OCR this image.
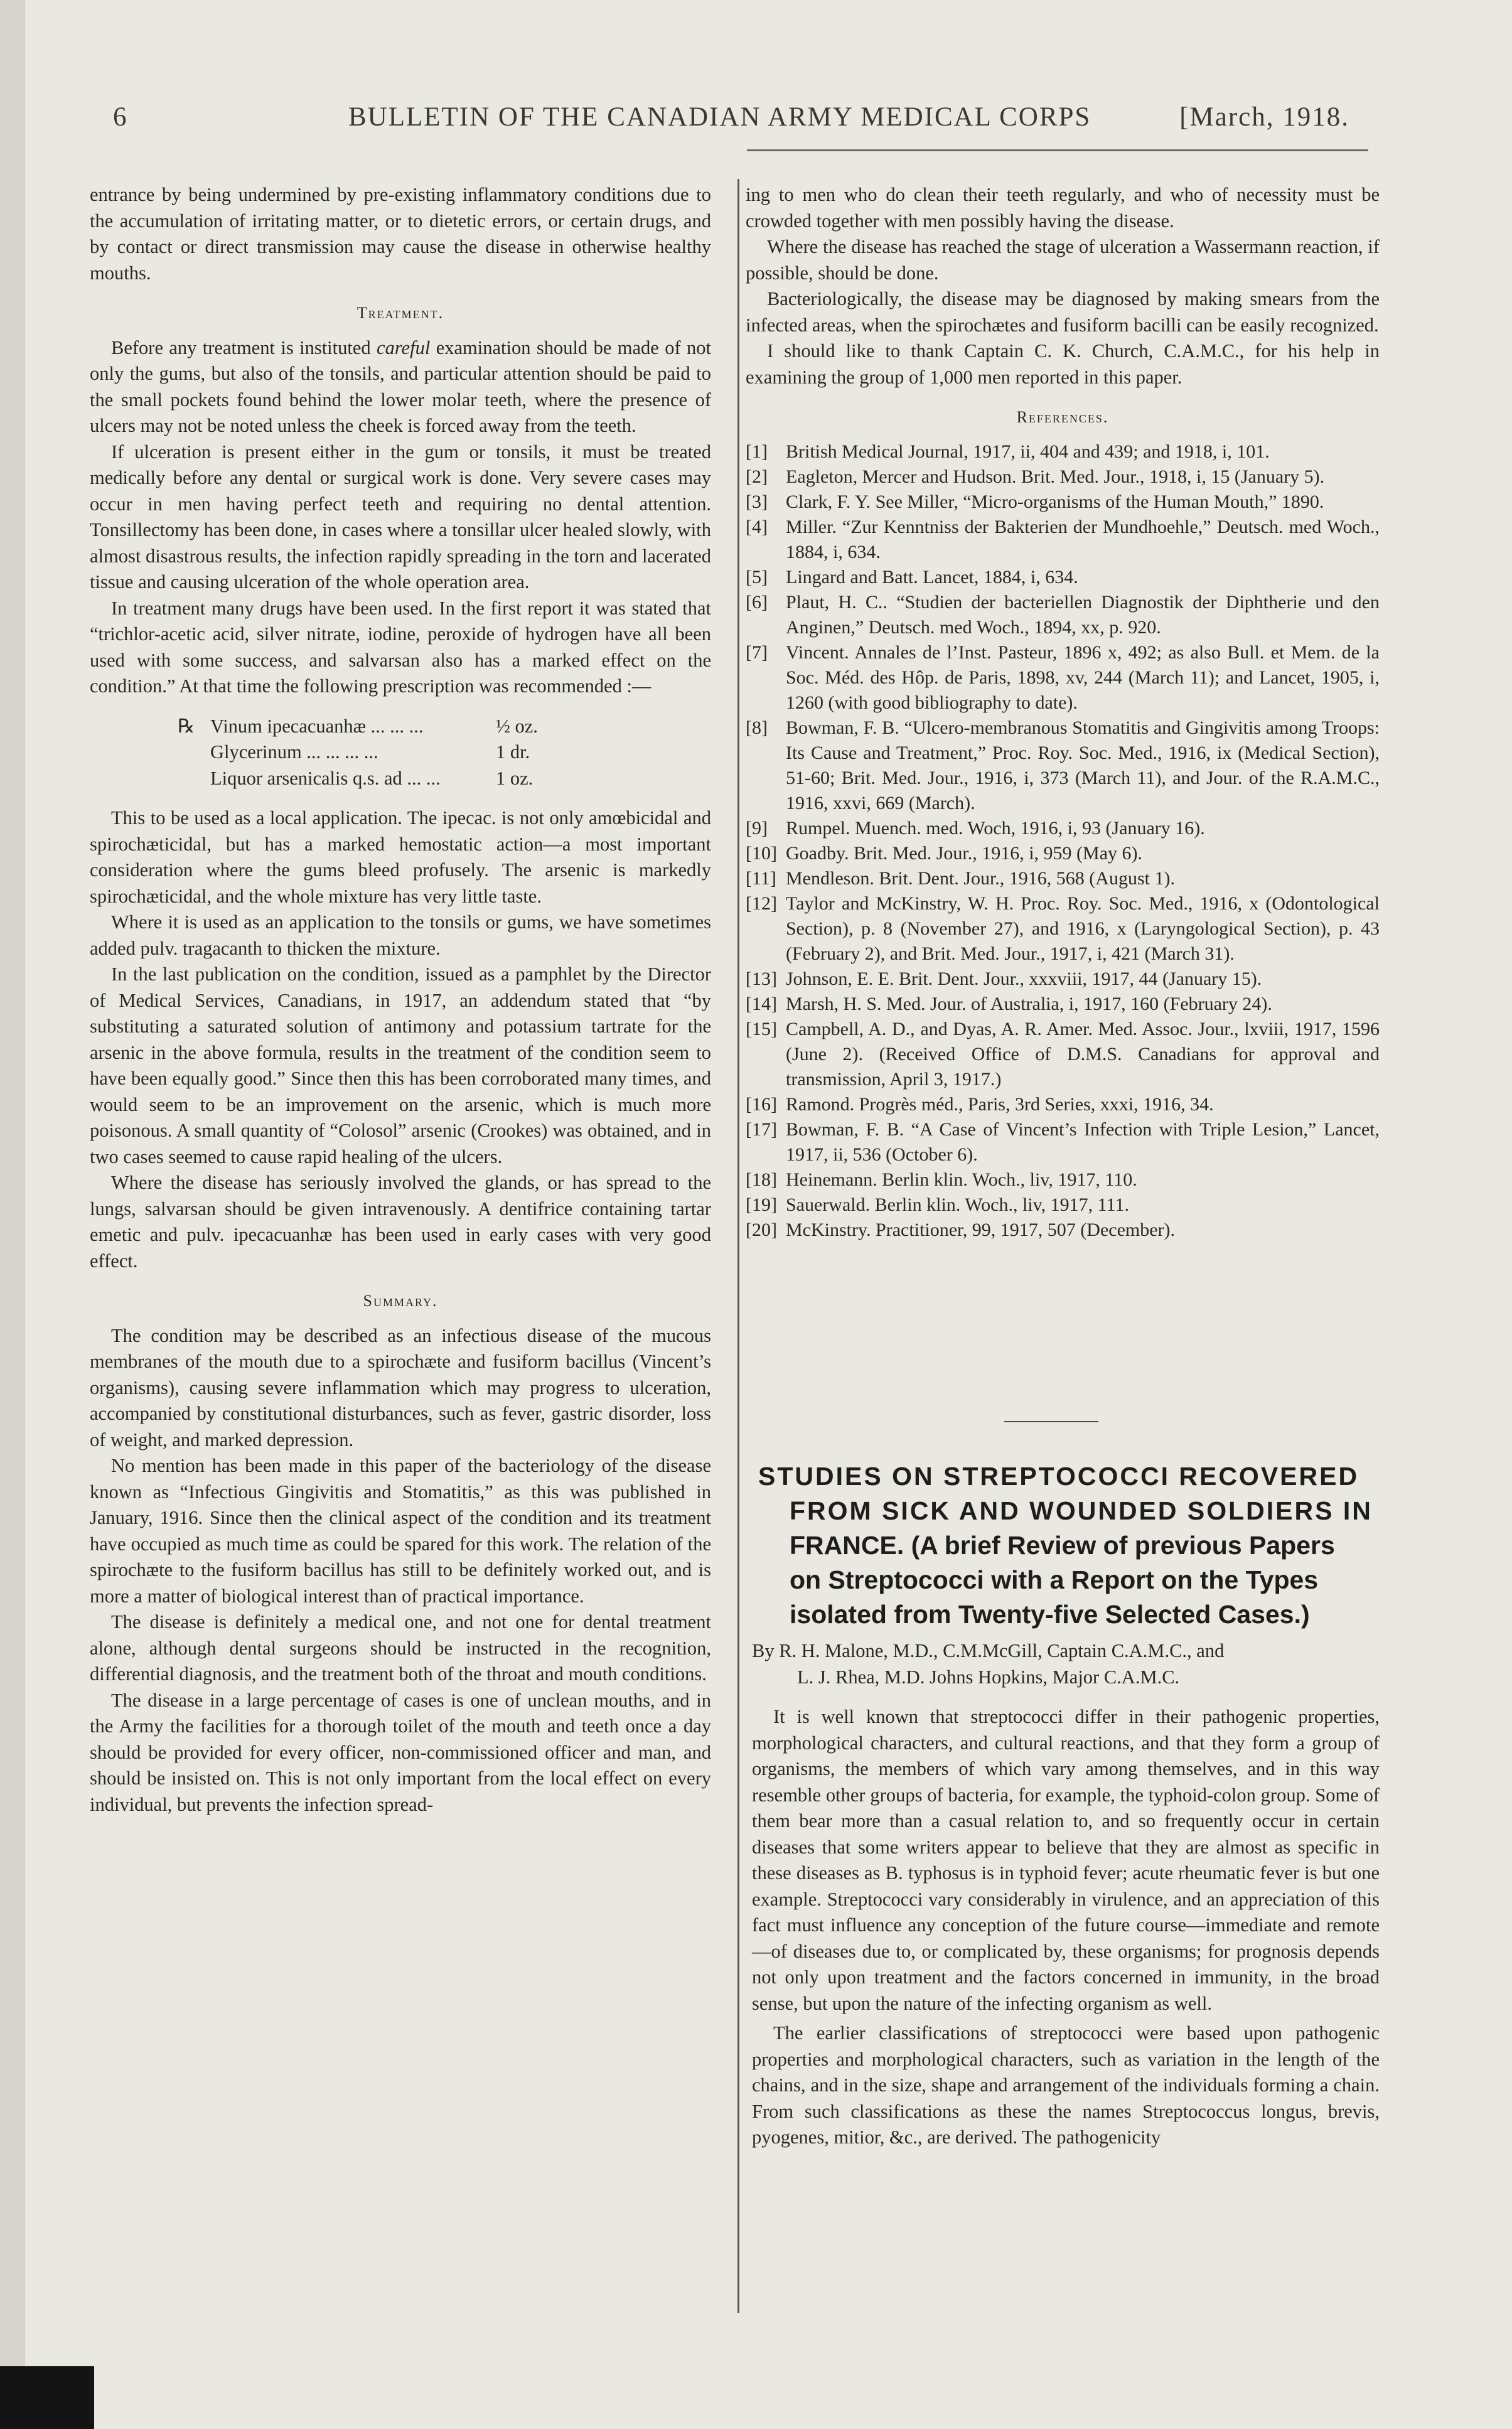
6	BULLETIN OF THE CANADIAN ARMY MEDICAL CORPS	[March, 1918.

entrance by being undermined by pre-existing inflammatory conditions due to the accumulation of irritating matter, or to dietetic errors, or certain drugs, and by contact or direct transmission may cause the disease in otherwise healthy mouths.

Treatment.

Before any treatment is instituted careful examination should be made of not only the gums, but also of the tonsils, and particular attention should be paid to the small pockets found behind the lower molar teeth, where the presence of ulcers may not be noted unless the cheek is forced away from the teeth.

If ulceration is present either in the gum or tonsils, it must be treated medically before any dental or surgical work is done. Very severe cases may occur in men having perfect teeth and requiring no dental attention. Tonsillectomy has been done, in cases where a tonsillar ulcer healed slowly, with almost disastrous results, the infection rapidly spreading in the torn and lacerated tissue and causing ulceration of the whole operation area.

In treatment many drugs have been used. In the first report it was stated that “trichlor-acetic acid, silver nitrate, iodine, peroxide of hydrogen have all been used with some success, and salvarsan also has a marked effect on the condition.” At that time the following prescription was recommended :—

℞ Vinum ipecacuanhæ ... ... ...	½ oz.
Glycerinum ... ... ... ...	1 dr.
Liquor arsenicalis q.s. ad ... ...	1 oz.

This to be used as a local application. The ipecac. is not only amœbicidal and spirochæticidal, but has a marked hemostatic action—a most important consideration where the gums bleed profusely. The arsenic is markedly spirochæticidal, and the whole mixture has very little taste.

Where it is used as an application to the tonsils or gums, we have sometimes added pulv. tragacanth to thicken the mixture.

In the last publication on the condition, issued as a pamphlet by the Director of Medical Services, Canadians, in 1917, an addendum stated that “by substituting a saturated solution of antimony and potassium tartrate for the arsenic in the above formula, results in the treatment of the condition seem to have been equally good.” Since then this has been corroborated many times, and would seem to be an improvement on the arsenic, which is much more poisonous. A small quantity of “Colosol” arsenic (Crookes) was obtained, and in two cases seemed to cause rapid healing of the ulcers.

Where the disease has seriously involved the glands, or has spread to the lungs, salvarsan should be given intravenously. A dentifrice containing tartar emetic and pulv. ipecacuanhæ has been used in early cases with very good effect.

Summary.

The condition may be described as an infectious disease of the mucous membranes of the mouth due to a spirochæte and fusiform bacillus (Vincent’s organisms), causing severe inflammation which may progress to ulceration, accompanied by constitutional disturbances, such as fever, gastric disorder, loss of weight, and marked depression.

No mention has been made in this paper of the bacteriology of the disease known as “Infectious Gingivitis and Stomatitis,” as this was published in January, 1916. Since then the clinical aspect of the condition and its treatment have occupied as much time as could be spared for this work. The relation of the spirochæte to the fusiform bacillus has still to be definitely worked out, and is more a matter of biological interest than of practical importance.

The disease is definitely a medical one, and not one for dental treatment alone, although dental surgeons should be instructed in the recognition, differential diagnosis, and the treatment both of the throat and mouth conditions.

The disease in a large percentage of cases is one of unclean mouths, and in the Army the facilities for a thorough toilet of the mouth and teeth once a day should be provided for every officer, non-commissioned officer and man, and should be insisted on. This is not only important from the local effect on every individual, but prevents the infection spread-

ing to men who do clean their teeth regularly, and who of necessity must be crowded together with men possibly having the disease.

Where the disease has reached the stage of ulceration a Wassermann reaction, if possible, should be done.

Bacteriologically, the disease may be diagnosed by making smears from the infected areas, when the spirochætes and fusiform bacilli can be easily recognized.

I should like to thank Captain C. K. Church, C.A.M.C., for his help in examining the group of 1,000 men reported in this paper.

References.
[1] British Medical Journal, 1917, ii, 404 and 439; and 1918, i, 101.
[2] Eagleton, Mercer and Hudson. Brit. Med. Jour., 1918, i, 15 (January 5).
[3] Clark, F. Y. See Miller, “Micro-organisms of the Human Mouth,” 1890.
[4] Miller. “Zur Kenntniss der Bakterien der Mundhoehle,” Deutsch. med Woch., 1884, i, 634.
[5] Lingard and Batt. Lancet, 1884, i, 634.
[6] Plaut, H. C.. “Studien der bacteriellen Diagnostik der Diphtherie und den Anginen,” Deutsch. med Woch., 1894, xx, p. 920.
[7] Vincent. Annales de l’Inst. Pasteur, 1896 x, 492; as also Bull. et Mem. de la Soc. Méd. des Hôp. de Paris, 1898, xv, 244 (March 11); and Lancet, 1905, i, 1260 (with good bibliography to date).
[8] Bowman, F. B. “Ulcero-membranous Stomatitis and Gingivitis among Troops: Its Cause and Treatment,” Proc. Roy. Soc. Med., 1916, ix (Medical Section), 51-60; Brit. Med. Jour., 1916, i, 373 (March 11), and Jour. of the R.A.M.C., 1916, xxvi, 669 (March).
[9] Rumpel. Muench. med. Woch, 1916, i, 93 (January 16).
[10] Goadby. Brit. Med. Jour., 1916, i, 959 (May 6).
[11] Mendleson. Brit. Dent. Jour., 1916, 568 (August 1).
[12] Taylor and McKinstry, W. H. Proc. Roy. Soc. Med., 1916, x (Odontological Section), p. 8 (November 27), and 1916, x (Laryngological Section), p. 43 (February 2), and Brit. Med. Jour., 1917, i, 421 (March 31).
[13] Johnson, E. E. Brit. Dent. Jour., xxxviii, 1917, 44 (January 15).
[14] Marsh, H. S. Med. Jour. of Australia, i, 1917, 160 (February 24).
[15] Campbell, A. D., and Dyas, A. R. Amer. Med. Assoc. Jour., lxviii, 1917, 1596 (June 2). (Received Office of D.M.S. Canadians for approval and transmission, April 3, 1917.)
[16] Ramond. Progrès méd., Paris, 3rd Series, xxxi, 1916, 34.
[17] Bowman, F. B. “A Case of Vincent’s Infection with Triple Lesion,” Lancet, 1917, ii, 536 (October 6).
[18] Heinemann. Berlin klin. Woch., liv, 1917, 110.
[19] Sauerwald. Berlin klin. Woch., liv, 1917, 111.
[20] McKinstry. Practitioner, 99, 1917, 507 (December).
STUDIES ON STREPTOCOCCI RECOVERED

FROM SICK AND WOUNDED SOLDIERS IN
FRANCE. (A brief Review of previous Papers
on Streptococci with a Report on the Types
isolated from Twenty-five Selected Cases.)
By R. H. Malone, M.D., C.M.McGill, Captain C.A.M.C., and
L. J. Rhea, M.D. Johns Hopkins, Major C.A.M.C.

It is well known that streptococci differ in their pathogenic properties, morphological characters, and cultural reactions, and that they form a group of organisms, the members of which vary among themselves, and in this way resemble other groups of bacteria, for example, the typhoid-colon group. Some of them bear more than a casual relation to, and so frequently occur in certain diseases that some writers appear to believe that they are almost as specific in these diseases as B. typhosus is in typhoid fever; acute rheumatic fever is but one example. Streptococci vary considerably in virulence, and an appreciation of this fact must influence any conception of the future course—immediate and remote—of diseases due to, or complicated by, these organisms; for prognosis depends not only upon treatment and the factors concerned in immunity, in the broad sense, but upon the nature of the infecting organism as well.

The earlier classifications of streptococci were based upon pathogenic properties and morphological characters, such as variation in the length of the chains, and in the size, shape and arrangement of the individuals forming a chain. From such classifications as these the names Streptococcus longus, brevis, pyogenes, mitior, &c., are derived. The pathogenicity
